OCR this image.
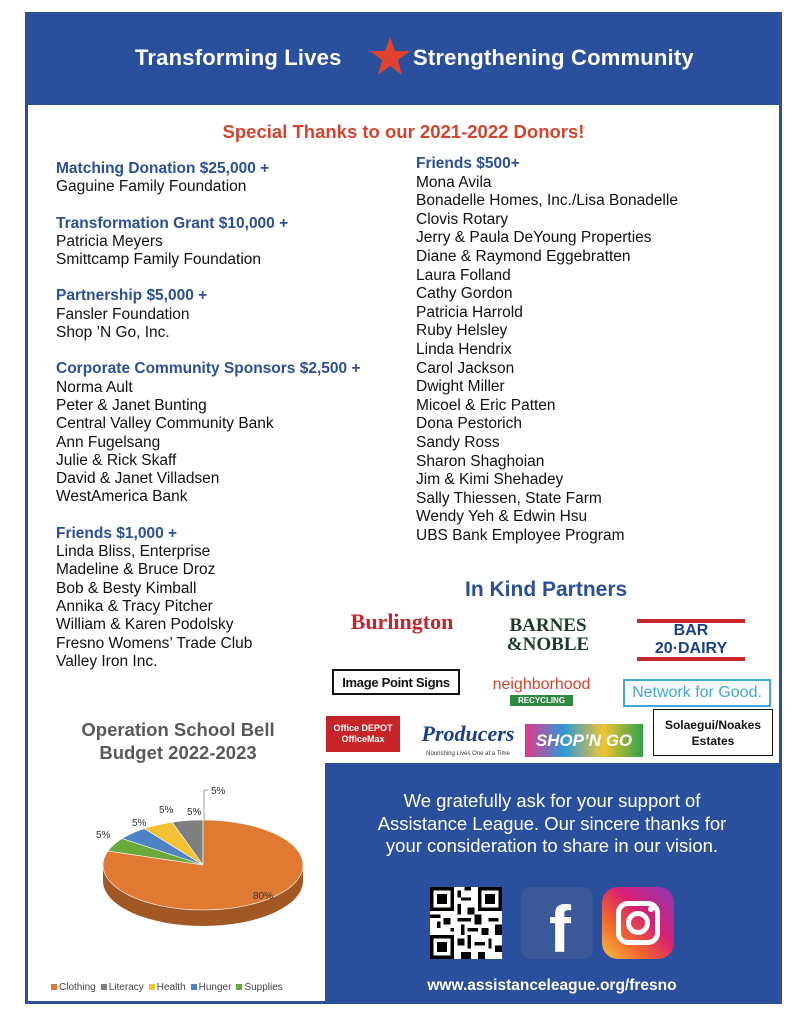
Transforming Lives	Strengthening Community
Special Thanks to our 2021-2022 Donors!
Matching Donation $25,000 +
Gaguine Family Foundation
Transformation Grant $10,000 +
Patricia Meyers
Smittcamp Family Foundation
Partnership $5,000 +
Fansler Foundation
Shop ’N Go, Inc.
Corporate Community Sponsors $2,500 +
Norma Ault
Peter & Janet Bunting
Central Valley Community Bank
Ann Fugelsang
Julie & Rick Skaff
David & Janet Villadsen
WestAmerica Bank
Friends $1,000 +
Linda Bliss, Enterprise
Madeline & Bruce Droz
Bob & Besty Kimball
Annika & Tracy Pitcher
William & Karen Podolsky
Fresno Womens’ Trade Club
Valley Iron Inc.
Friends $500+
Mona Avila
Bonadelle Homes, Inc./Lisa Bonadelle
Clovis Rotary
Jerry & Paula DeYoung Properties
Diane & Raymond Eggebratten
Laura Folland
Cathy Gordon
Patricia Harrold
Ruby Helsley
Linda Hendrix
Carol Jackson
Dwight Miller
Micoel & Eric Patten
Dona Pestorich
Sandy Ross
Sharon Shaghoian
Jim & Kimi Shehadey
Sally Thiessen, State Farm
Wendy Yeh & Edwin Hsu
UBS Bank Employee Program
In Kind Partners
Burlington	BARNES
&NOBLE
BAR 20·DAIRY
Image Point Signs	neighborhood
RECYCLING	Network for Good.
Office DEPOT
OfficeMax Producers
Nourishing Lives One at a Time
SHOP’N GO
Solaegui/Noakes
Estates
Operation School Bell
Budget 2022-2023
80%
5%
5%
5% 5%
5%
Clothing	Literacy	Health	Hunger	Supplies
We gratefully ask for your support of
Assistance League. Our sincere thanks for
your consideration to share in our vision.
f
www.assistanceleague.org/fresno
